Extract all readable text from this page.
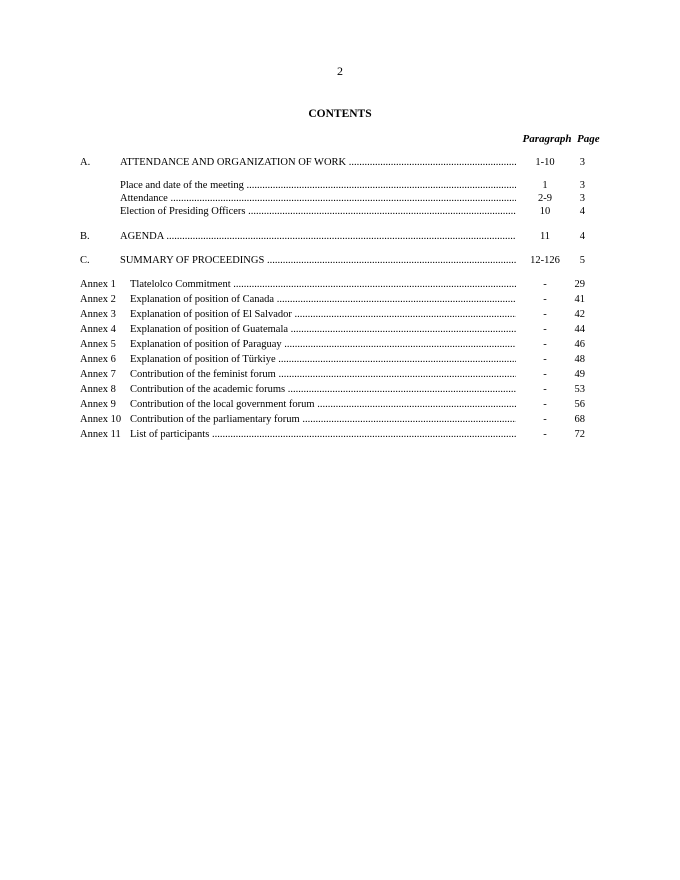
2
CONTENTS
Paragraph Page
A.	ATTENDANCE AND ORGANIZATION OF WORK .....	1-10	3
Place and date of the meeting .....	1	3
Attendance .....	2-9	3
Election of Presiding Officers .....	10	4
B.	AGENDA .....	11	4
C.	SUMMARY OF PROCEEDINGS .....	12-126	5
Annex 1 Tlatelolco Commitment .....	-	29
Annex 2 Explanation of position of Canada .....	-	41
Annex 3 Explanation of position of El Salvador .....	-	42
Annex 4 Explanation of position of Guatemala .....	-	44
Annex 5 Explanation of position of Paraguay .....	-	46
Annex 6 Explanation of position of Türkiye .....	-	48
Annex 7 Contribution of the feminist forum .....	-	49
Annex 8 Contribution of the academic forums .....	-	53
Annex 9 Contribution of the local government forum .....	-	56
Annex 10 Contribution of the parliamentary forum .....	-	68
Annex 11 List of participants .....	-	72
